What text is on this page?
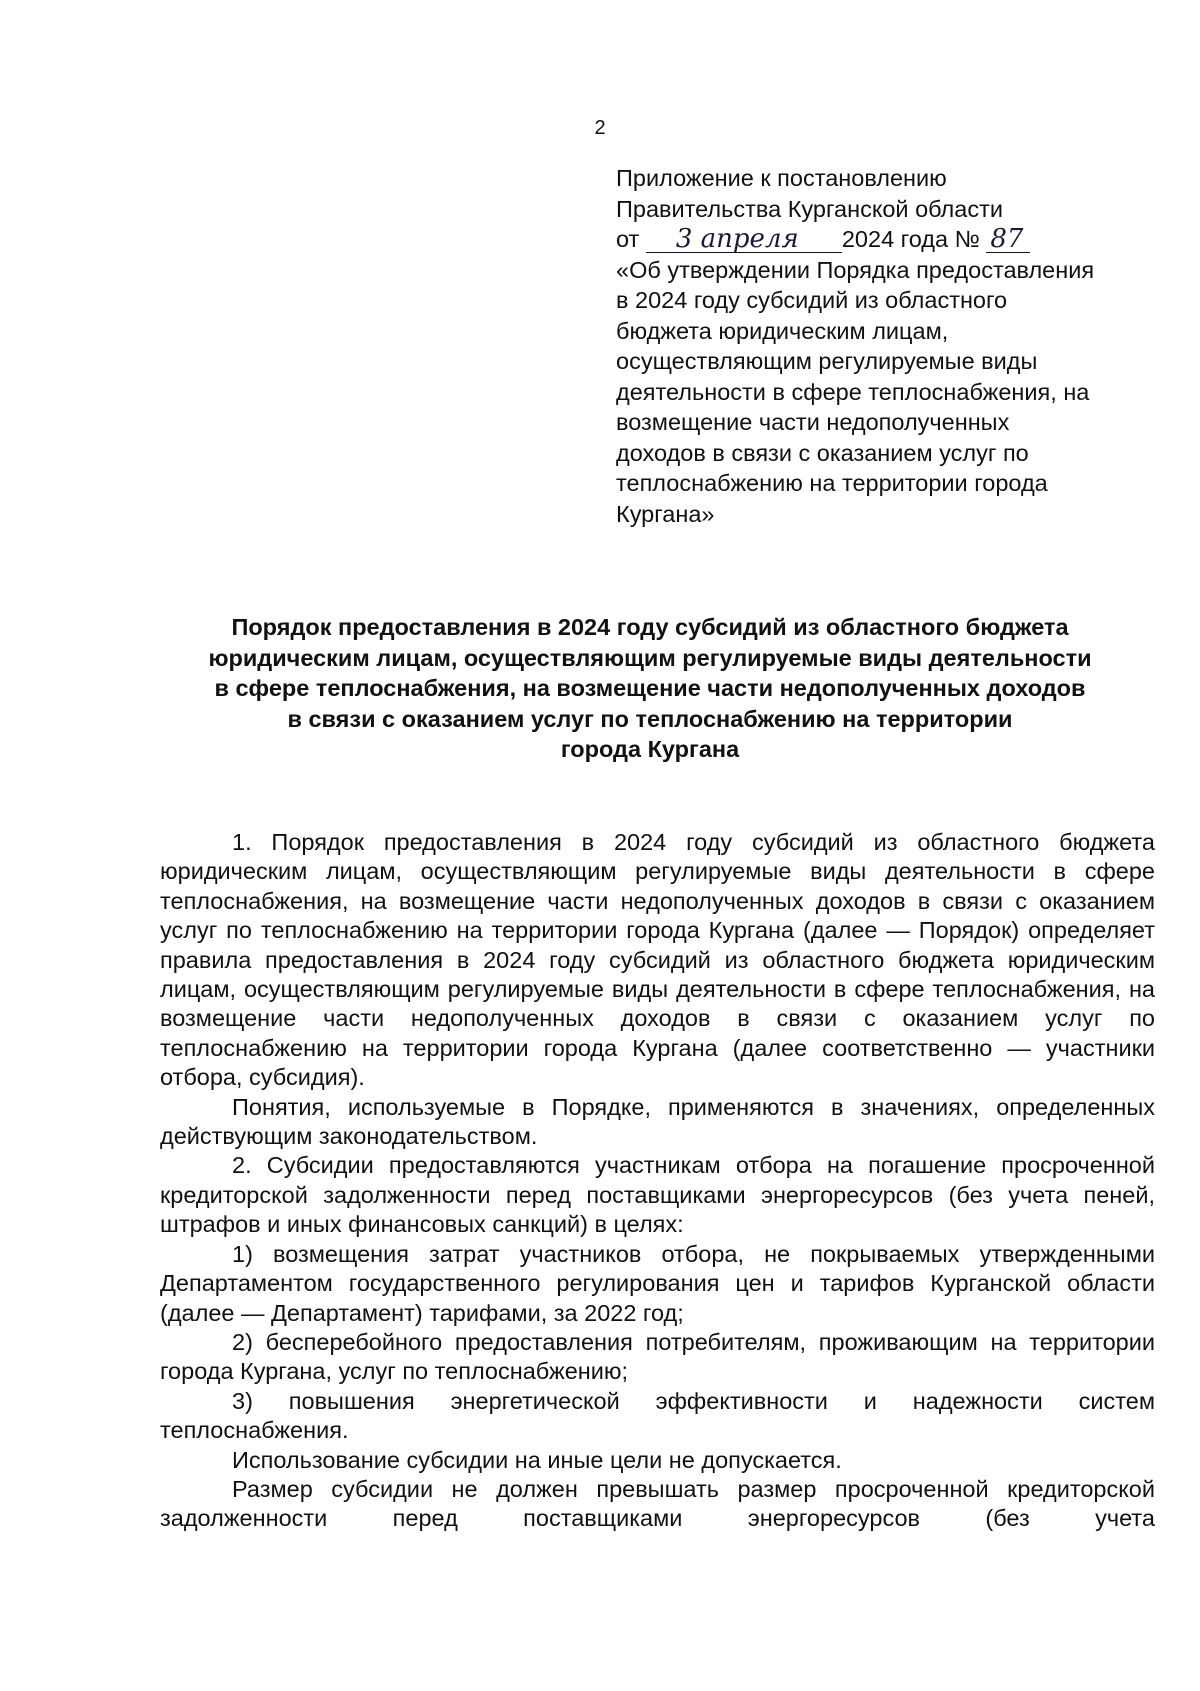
2
Приложение к постановлению
Правительства Курганской области
от 3 апреля 2024 года № 87
«Об утверждении Порядка предоставления
в 2024 году субсидий из областного
бюджета юридическим лицам,
осуществляющим регулируемые виды
деятельности в сфере теплоснабжения, на
возмещение части недополученных
доходов в связи с оказанием услуг по
теплоснабжению на территории города
Кургана»
Порядок предоставления в 2024 году субсидий из областного бюджета
юридическим лицам, осуществляющим регулируемые виды деятельности
в сфере теплоснабжения, на возмещение части недополученных доходов
в связи с оказанием услуг по теплоснабжению на территории
города Кургана

1. Порядок предоставления в 2024 году субсидий из областного бюджета юридическим лицам, осуществляющим регулируемые виды деятельности в сфере теплоснабжения, на возмещение части недополученных доходов в связи с оказанием услуг по теплоснабжению на территории города Кургана (далее — Порядок) определяет правила предоставления в 2024 году субсидий из областного бюджета юридическим лицам, осуществляющим регулируемые виды деятельности в сфере теплоснабжения, на возмещение части недополученных доходов в связи с оказанием услуг по теплоснабжению на территории города Кургана (далее соответственно — участники отбора, субсидия).

Понятия, используемые в Порядке, применяются в значениях, определенных действующим законодательством.

2. Субсидии предоставляются участникам отбора на погашение просроченной кредиторской задолженности перед поставщиками энергоресурсов (без учета пеней, штрафов и иных финансовых санкций) в целях:

1) возмещения затрат участников отбора, не покрываемых утвержденными Департаментом государственного регулирования цен и тарифов Курганской области (далее — Департамент) тарифами, за 2022 год;

2) бесперебойного предоставления потребителям, проживающим на территории города Кургана, услуг по теплоснабжению;

3) повышения энергетической эффективности и надежности систем теплоснабжения.

Использование субсидии на иные цели не допускается.

Размер субсидии не должен превышать размер просроченной кредиторской задолженности перед поставщиками энергоресурсов (без учета
